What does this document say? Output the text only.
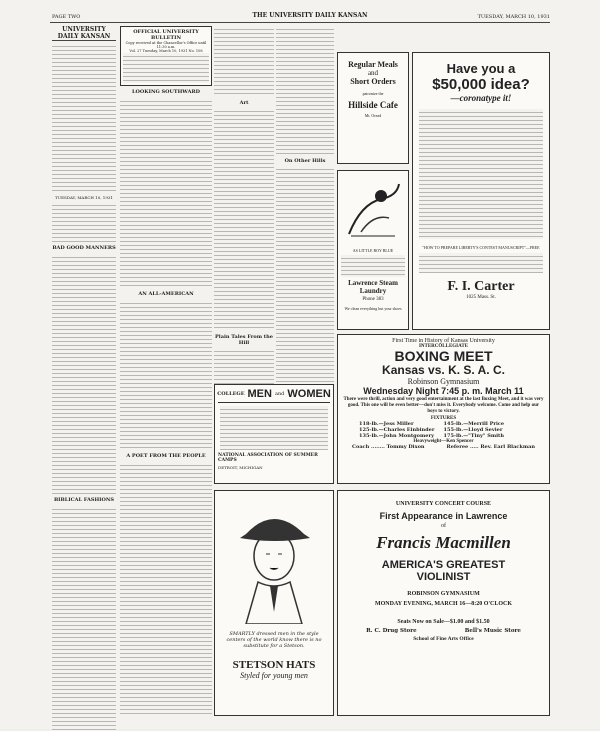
PAGE TWO	THE UNIVERSITY DAILY KANSAN	TUESDAY, MARCH 10, 1931
UNIVERSITY DAILY KANSAN
TUESDAY, MARCH 10, 1931
BAD GOOD MANNERS
BIBLICAL FASHIONS
OFFICIAL UNIVERSITY BULLETIN
Copy received at the Chancellor's Office until 11:30 a.m.
Vol. 27 Tuesday, March 10, 1931 No. 108
LOOKING SOUTHWARD
AN ALL-AMERICAN
A POET FROM THE PEOPLE
Art
Plain Tales From the Hill
On Other Hills
Regular Meals
and
Short Orders
patronize the
Hillside Cafe
Mt. Oread
AS LITTLE BOY BLUE
Lawrence Steam Laundry
Phone 383
We clean everything but your shoes
Have you a
$50,000 idea?
—coronatype it!
"HOW TO PREPARE LIBERTY'S CONTEST MANUSCRIPT"—FREE
F. I. Carter
1025 Mass. St.
COLLEGE MEN and WOMEN
NATIONAL ASSOCIATION OF SUMMER CAMPS
DETROIT, MICHIGAN
SMARTLY dressed men in the style centers of the world know there is no substitute for a Stetson.
STETSON HATS
Styled for young men
First Time in History of Kansas University
INTERCOLLEGIATE
BOXING MEET
Kansas vs. K. S. A. C.
Robinson Gymnasium
Wednesday Night 7:45 p. m. March 11
There were thrill, action and very good entertainment at the last Boxing Meet, and it was very good. This one will be even better—don't miss it. Everybody welcome. Come and help our boys to victory.
FIXTURES
118-lb.—Jess Miller	145-lb.—Merrill Price
125-lb.—Charles Einbinder	155-lb.—Lloyd Sevier
135-lb.—John Montgomery	175-lb.—"Tiny" Smith
Heavyweight—Ken Spencer
Coach ........ Tommy Dixon	Referee ..... Rev. Earl Blackman
UNIVERSITY CONCERT COURSE
First Appearance in Lawrence
of
Francis Macmillen
AMERICA'S GREATEST
VIOLINIST
ROBINSON GYMNASIUM
MONDAY EVENING, MARCH 16—8:20 O'CLOCK
Seats Now on Sale—$1.00 and $1.50
R. C. Drug Store	Bell's Music Store
School of Fine Arts Office
